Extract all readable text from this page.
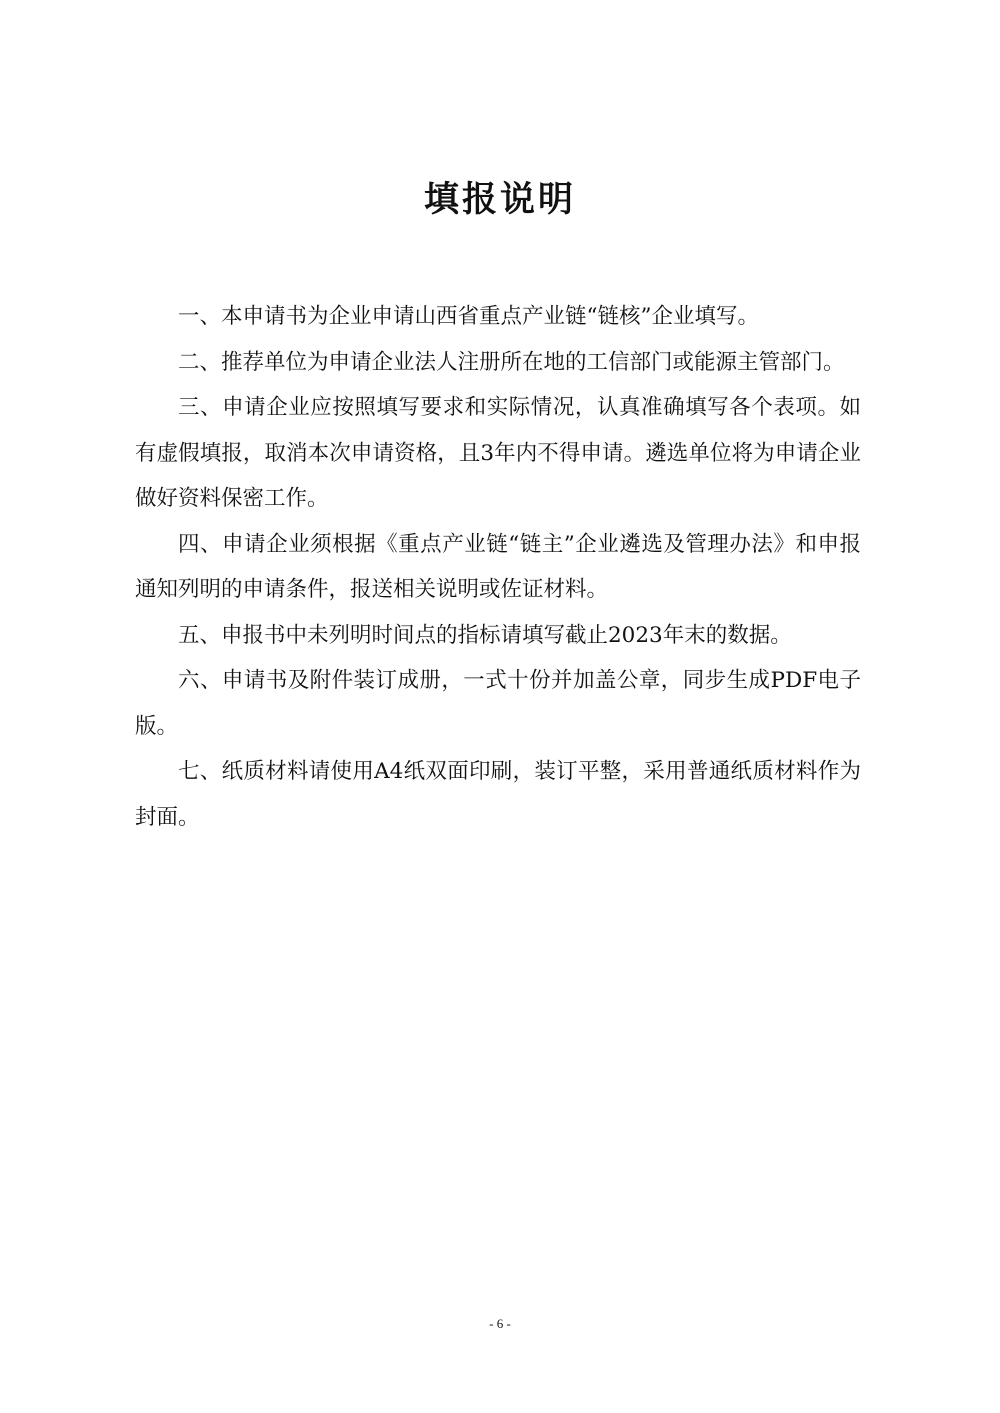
填报说明

一、本申请书为企业申请山西省重点产业链“链核”企业填写。

二、推荐单位为申请企业法人注册所在地的工信部门或能源主管部门。

三、申请企业应按照填写要求和实际情况，认真准确填写各个表项。如有虚假填报，取消本次申请资格，且3年内不得申请。遴选单位将为申请企业做好资料保密工作。

四、申请企业须根据《重点产业链“链主”企业遴选及管理办法》和申报通知列明的申请条件，报送相关说明或佐证材料。

五、申报书中未列明时间点的指标请填写截止2023年末的数据。

六、申请书及附件装订成册，一式十份并加盖公章，同步生成PDF电子版。

七、纸质材料请使用A4纸双面印刷，装订平整，采用普通纸质材料作为封面。

- 6 -
